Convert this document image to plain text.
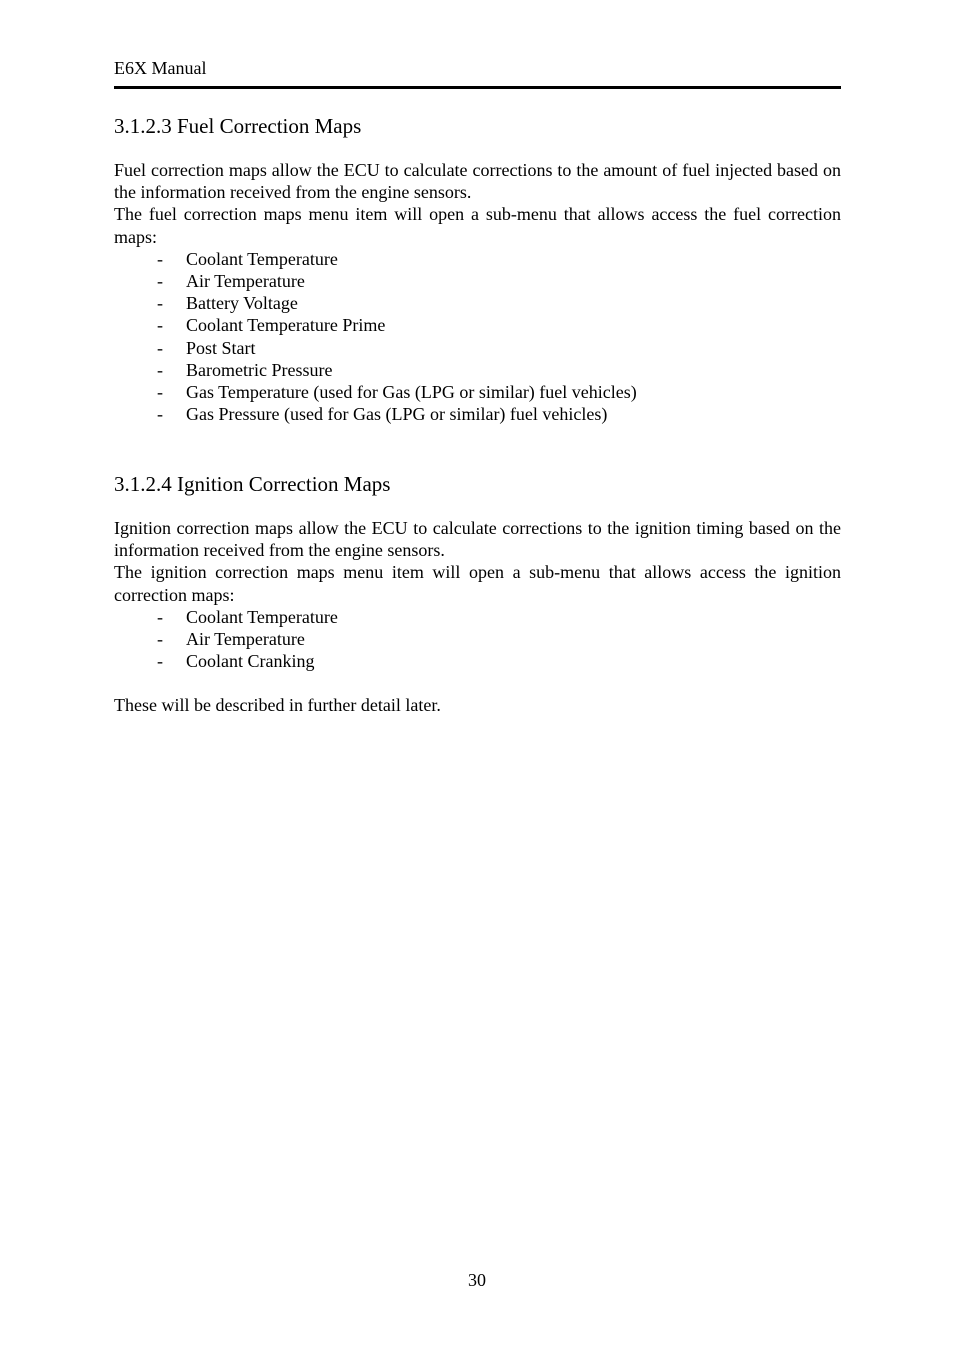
E6X Manual
3.1.2.3 Fuel Correction Maps

Fuel correction maps allow the ECU to calculate corrections to the amount of fuel injected based on the information received from the engine sensors.

The fuel correction maps menu item will open a sub-menu that allows access the fuel correction maps:

- Coolant Temperature
- Air Temperature
- Battery Voltage
- Coolant Temperature Prime
- Post Start
- Barometric Pressure
- Gas Temperature (used for Gas (LPG or similar) fuel vehicles)
- Gas Pressure (used for Gas (LPG or similar) fuel vehicles)
3.1.2.4 Ignition Correction Maps

Ignition correction maps allow the ECU to calculate corrections to the ignition timing based on the information received from the engine sensors.

The ignition correction maps menu item will open a sub-menu that allows access the ignition correction maps:

- Coolant Temperature
- Air Temperature
- Coolant Cranking

These will be described in further detail later.

30
